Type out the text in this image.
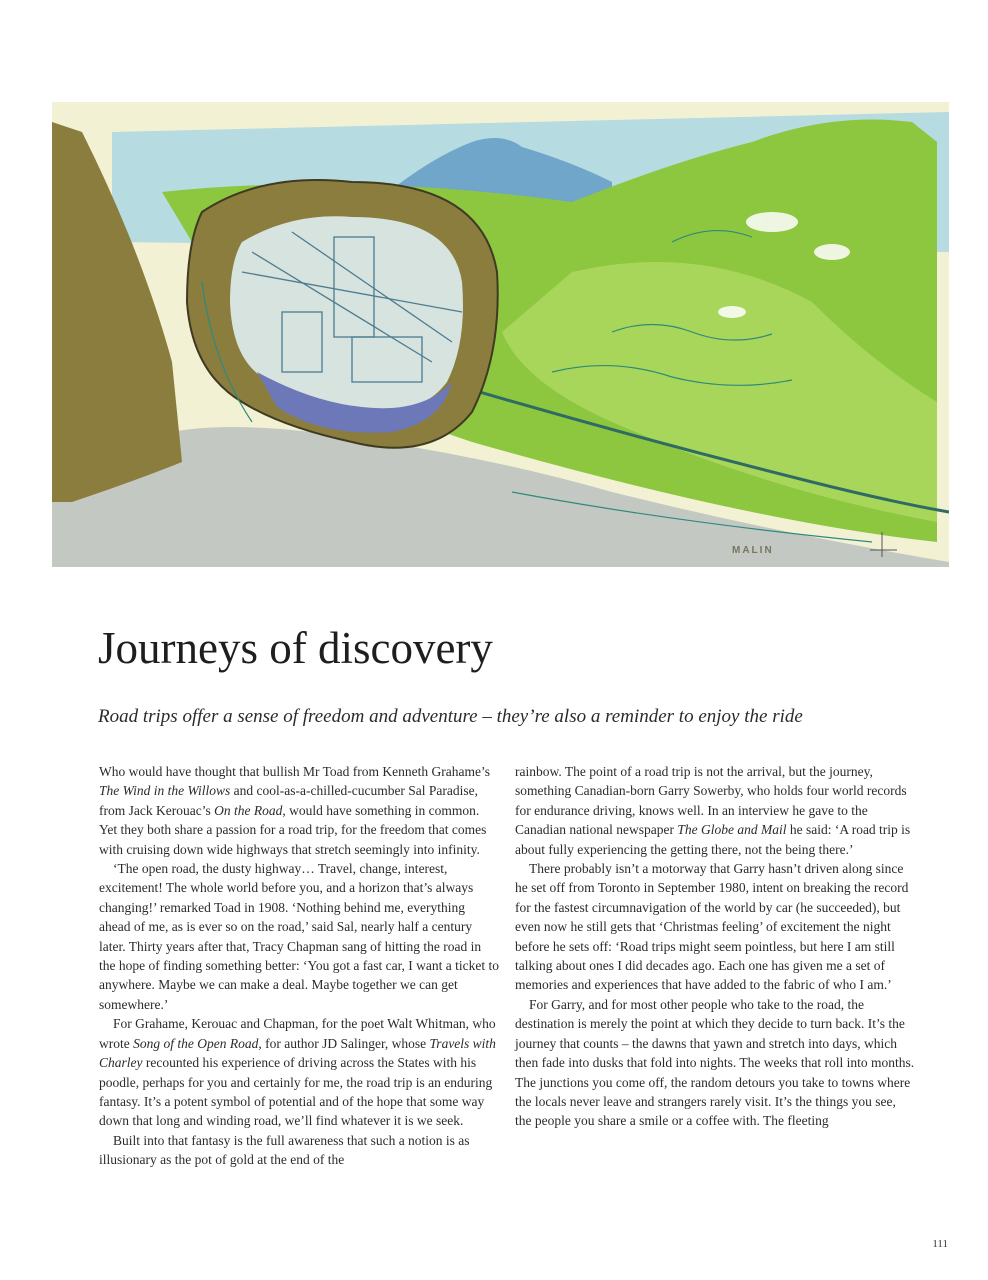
MALIN
Journeys of discovery

Road trips offer a sense of freedom and adventure – they’re also a reminder to enjoy the ride

Who would have thought that bullish Mr Toad from Kenneth Grahame’s The Wind in the Willows and cool-as-a-chilled-cucumber Sal Paradise, from Jack Kerouac’s On the Road, would have something in common. Yet they both share a passion for a road trip, for the freedom that comes with cruising down wide highways that stretch seemingly into infinity.

‘The open road, the dusty highway… Travel, change, interest, excitement! The whole world before you, and a horizon that’s always changing!’ remarked Toad in 1908. ‘Nothing behind me, everything ahead of me, as is ever so on the road,’ said Sal, nearly half a century later. Thirty years after that, Tracy Chapman sang of hitting the road in the hope of finding something better: ‘You got a fast car, I want a ticket to anywhere. Maybe we can make a deal. Maybe together we can get somewhere.’

For Grahame, Kerouac and Chapman, for the poet Walt Whitman, who wrote Song of the Open Road, for author JD Salinger, whose Travels with Charley recounted his experience of driving across the States with his poodle, perhaps for you and certainly for me, the road trip is an enduring fantasy. It’s a potent symbol of potential and of the hope that some way down that long and winding road, we’ll find whatever it is we seek.

Built into that fantasy is the full awareness that such a notion is as illusionary as the pot of gold at the end of the

rainbow. The point of a road trip is not the arrival, but the journey, something Canadian-born Garry Sowerby, who holds four world records for endurance driving, knows well. In an interview he gave to the Canadian national newspaper The Globe and Mail he said: ‘A road trip is about fully experiencing the getting there, not the being there.’

There probably isn’t a motorway that Garry hasn’t driven along since he set off from Toronto in September 1980, intent on breaking the record for the fastest circumnavigation of the world by car (he succeeded), but even now he still gets that ‘Christmas feeling’ of excitement the night before he sets off: ‘Road trips might seem pointless, but here I am still talking about ones I did decades ago. Each one has given me a set of memories and experiences that have added to the fabric of who I am.’

For Garry, and for most other people who take to the road, the destination is merely the point at which they decide to turn back. It’s the journey that counts – the dawns that yawn and stretch into days, which then fade into dusks that fold into nights. The weeks that roll into months. The junctions you come off, the random detours you take to towns where the locals never leave and strangers rarely visit. It’s the things you see, the people you share a smile or a coffee with. The fleeting

111
